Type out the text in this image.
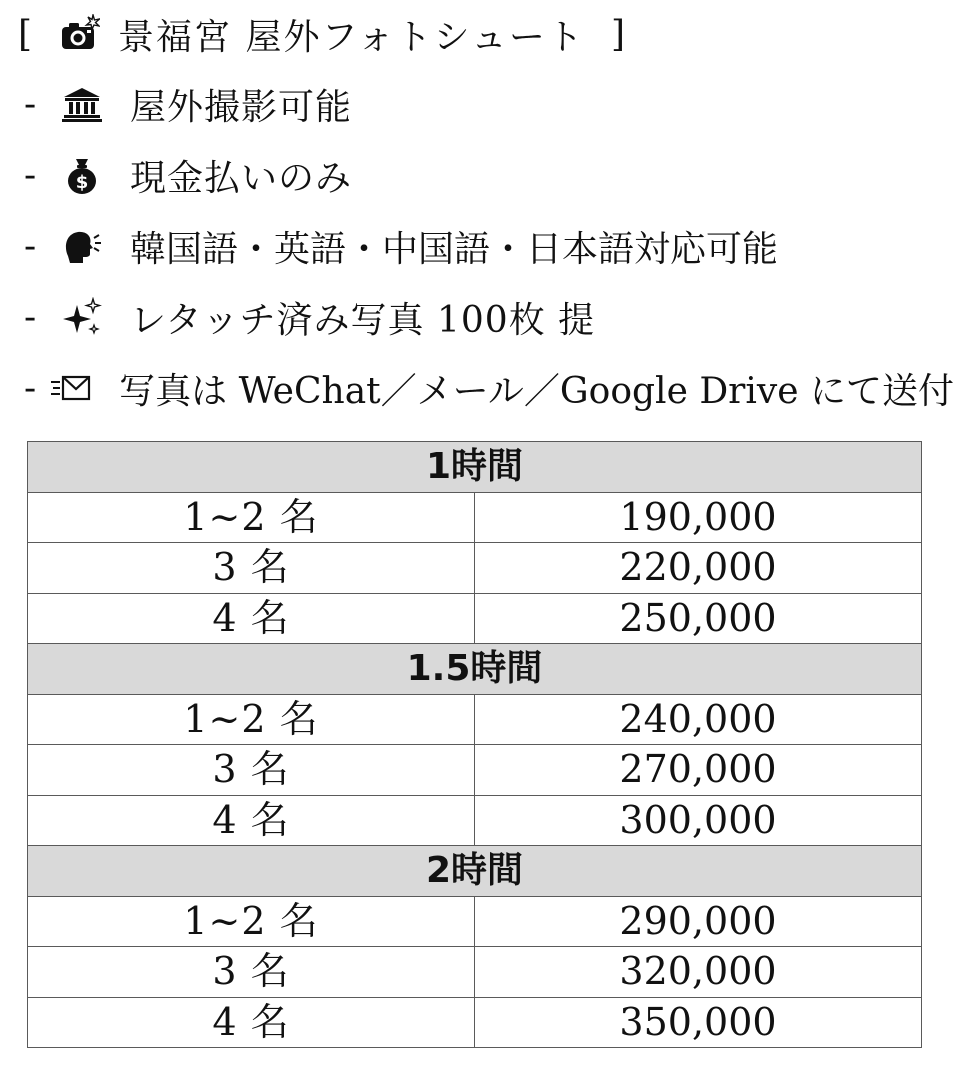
[	景福宮 屋外フォトシュート ]
-	屋外撮影可能
-	$ 現金払いのみ
-	韓国語・英語・中国語・日本語対応可能
-	レタッチ済み写真 100枚 提
- 写真は WeChat／メール／Google Drive にて送付
1時間	
1~2 名	190,000
3 名	220,000
4 名	250,000
1.5時間	
1~2 名	240,000
3 名	270,000
4 名	300,000
2時間	
1~2 名	290,000
3 名	320,000
4 名	350,000
